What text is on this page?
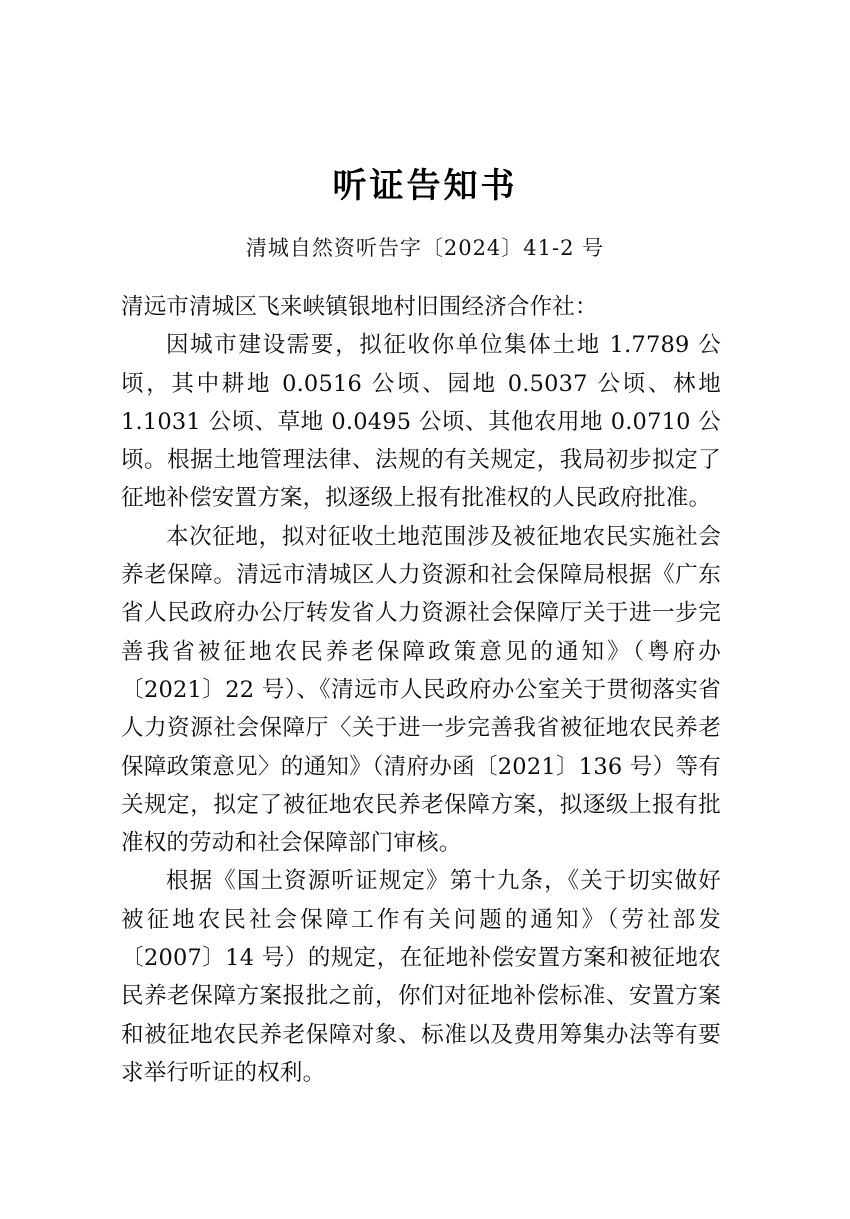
听证告知书
清城自然资听告字〔2024〕41-2 号

清远市清城区飞来峡镇银地村旧围经济合作社：

因城市建设需要，拟征收你单位集体土地 1.7789 公顷，其中耕地 0.0516 公顷、园地 0.5037 公顷、林地 1.1031 公顷、草地 0.0495 公顷、其他农用地 0.0710 公顷。根据土地管理法律、法规的有关规定，我局初步拟定了征地补偿安置方案，拟逐级上报有批准权的人民政府批准。

本次征地，拟对征收土地范围涉及被征地农民实施社会养老保障。清远市清城区人力资源和社会保障局根据《广东省人民政府办公厅转发省人力资源社会保障厅关于进一步完善我省被征地农民养老保障政策意见的通知》（粤府办〔2021〕22 号）、《清远市人民政府办公室关于贯彻落实省人力资源社会保障厅〈关于进一步完善我省被征地农民养老保障政策意见〉的通知》（清府办函〔2021〕136 号）等有关规定，拟定了被征地农民养老保障方案，拟逐级上报有批准权的劳动和社会保障部门审核。

根据《国土资源听证规定》第十九条，《关于切实做好被征地农民社会保障工作有关问题的通知》（劳社部发〔2007〕14 号）的规定，在征地补偿安置方案和被征地农民养老保障方案报批之前，你们对征地补偿标准、安置方案和被征地农民养老保障对象、标准以及费用筹集办法等有要求举行听证的权利。
